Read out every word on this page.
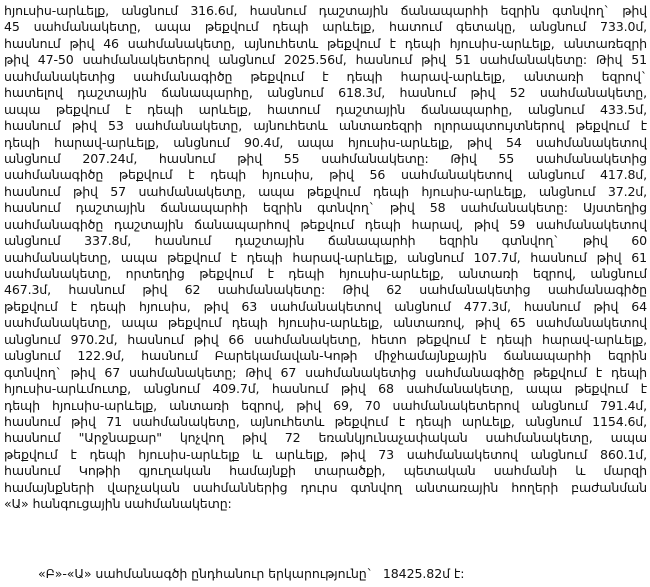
հյուսիս-արևելք, անցնում 316.6մ, հասնում դաշտային ճանապարհի եզրին գտնվող` թիվ
45 սահմանակետը, ապա թեքվում դեպի արևելք, հատում գետակը, անցնում 733.0մ,
հասնում թիվ 46 սահմանակետը, այնուհետև թեքվում է դեպի հյուսիս-արևելք, անտառեզրի
թիվ 47-50 սահմանակետերով անցնում 2025.56մ, հասնում թիվ 51 սահմանակետը: Թիվ 51
սահմանակետից սահմանագիծը թեքվում է դեպի հարավ-արևելք, անտառի եզրով`
հատելով դաշտային ճանապարհը, անցնում 618.3մ, հասնում թիվ 52 սահմանակետը,
ապա թեքվում է դեպի արևելք, հատում դաշտային ճանապարհը, անցնում 433.5մ,
հասնում թիվ 53 սահմանակետը, այնուհետև անտառեզրի ոլորապտույտներով թեքվում է
դեպի հարավ-արևելք, անցնում 90.4մ, ապա հյուսիս-արևելք, թիվ 54 սահմանակետով
անցնում 207.24մ, հասնում թիվ 55 սահմանակետը: Թիվ 55 սահմանակետից
սահմանագիծը թեքվում է դեպի հյուսիս, թիվ 56 սահմանակետով անցնում 417.8մ,
հասնում թիվ 57 սահմանակետը, ապա թեքվում դեպի հյուսիս-արևելք, անցնում 37.2մ,
հասնում դաշտային ճանապարհի եզրին գտնվող` թիվ 58 սահմանակետը: Այստեղից
սահմանագիծը դաշտային ճանապարհով թեքվում դեպի հարավ, թիվ 59 սահմանակետով
անցնում 337.8մ, հասնում դաշտային ճանապարհի եզրին գտնվող` թիվ 60
սահմանակետը, ապա թեքվում է դեպի հարավ-արևելք, անցնում 107.7մ, հասնում թիվ 61
սահմանակետը, որտեղից թեքվում է դեպի հյուսիս-արևելք, անտառի եզրով, անցնում
467.3մ, հասնում թիվ 62 սահմանակետը: Թիվ 62 սահմանակետից սահմանագիծը
թեքվում է դեպի հյուսիս, թիվ 63 սահմանակետով անցնում 477.3մ, հասնում թիվ 64
սահմանակետը, ապա թեքվում դեպի հյուսիս-արևելք, անտառով, թիվ 65 սահմանակետով
անցնում 970.2մ, հասնում թիվ 66 սահմանակետը, հետո թեքվում է դեպի հարավ-արևելք,
անցնում 122.9մ, հասնում Բարեկամավան-Կոթի միջհամայնքային ճանապարհի եզրին
գտնվող` թիվ 67 սահմանակետը; Թիվ 67 սահմանակետից սահմանագիծը թեքվում է դեպի
հյուսիս-արևմուտք, անցնում 409.7մ, հասնում թիվ 68 սահմանակետը, ապա թեքվում է
դեպի հյուսիս-արևելք, անտառի եզրով, թիվ 69, 70 սահմանակետերով անցնում 791.4մ,
հասնում թիվ 71 սահմանակետը, այնուհետև թեքվում է դեպի արևելք, անցնում 1154.6մ,
հասնում "Արջնաքար" կոչվող թիվ 72 եռանկյունաչափական սահմանակետը, ապա
թեքվում է դեպի հյուսիս-արևելք և արևելք, թիվ 73 սահմանակետով անցնում 860.1մ,
հասնում Կոթիի գյուղական համայնքի տարածքի, պետական սահմանի և մարզի
համայնքների վարչական սահմաններից դուրս գտնվող անտառային հողերի բաժանման
«Ա» հանգուցային սահմանակետը:
«Բ»-«Ա» սահմանագծի ընդհանուր երկարությունը` 18425.82մ է:
